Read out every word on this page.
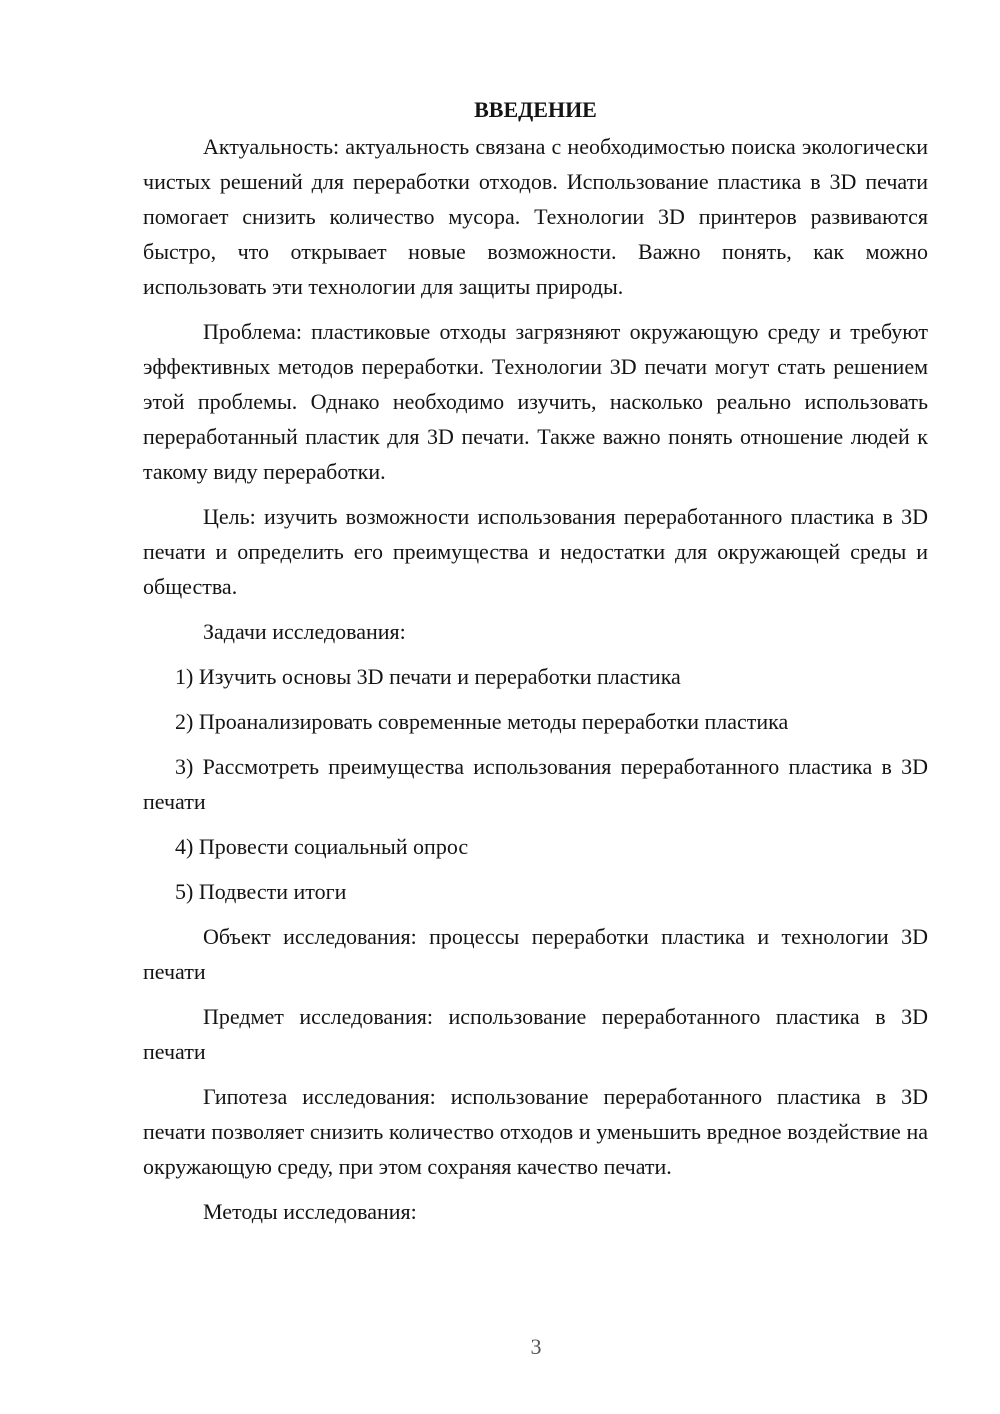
ВВЕДЕНИЕ

Актуальность: актуальность связана с необходимостью поиска экологически чистых решений для переработки отходов. Использование пластика в 3D печати помогает снизить количество мусора. Технологии 3D принтеров развиваются быстро, что открывает новые возможности. Важно понять, как можно использовать эти технологии для защиты природы.

Проблема: пластиковые отходы загрязняют окружающую среду и требуют эффективных методов переработки. Технологии 3D печати могут стать решением этой проблемы. Однако необходимо изучить, насколько реально использовать переработанный пластик для 3D печати. Также важно понять отношение людей к такому виду переработки.

Цель: изучить возможности использования переработанного пластика в 3D печати и определить его преимущества и недостатки для окружающей среды и общества.

Задачи исследования:

1) Изучить основы 3D печати и переработки пластика

2) Проанализировать современные методы переработки пластика

3) Рассмотреть преимущества использования переработанного пластика в 3D печати

4) Провести социальный опрос

5) Подвести итоги

Объект исследования: процессы переработки пластика и технологии 3D печати

Предмет исследования: использование переработанного пластика в 3D печати

Гипотеза исследования: использование переработанного пластика в 3D печати позволяет снизить количество отходов и уменьшить вредное воздействие на окружающую среду, при этом сохраняя качество печати.

Методы исследования:

3
